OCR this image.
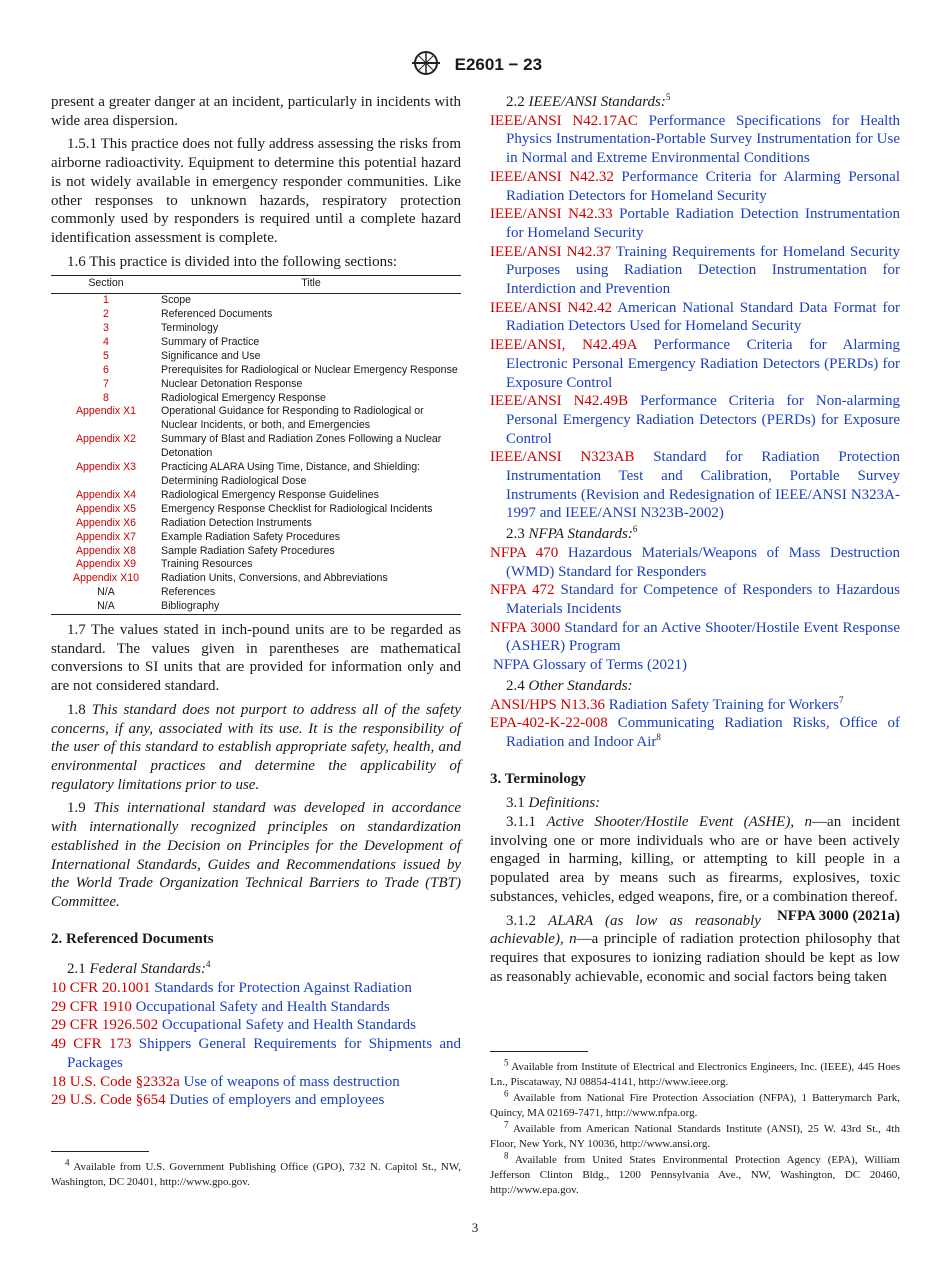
E2601 − 23

present a greater danger at an incident, particularly in incidents with wide area dispersion.

1.5.1 This practice does not fully address assessing the risks from airborne radioactivity. Equipment to determine this potential hazard is not widely available in emergency responder communities. Like other responses to unknown hazards, respiratory protection commonly used by responders is required until a complete hazard identification assessment is complete.

1.6 This practice is divided into the following sections:

Section	Title
1	Scope
2	Referenced Documents
3	Terminology
4	Summary of Practice
5	Significance and Use
6	Prerequisites for Radiological or Nuclear Emergency Response
7	Nuclear Detonation Response
8	Radiological Emergency Response
Appendix X1	Operational Guidance for Responding to Radiological or Nuclear Incidents, or both, and Emergencies
Appendix X2	Summary of Blast and Radiation Zones Following a Nuclear Detonation
Appendix X3	Practicing ALARA Using Time, Distance, and Shielding: Determining Radiological Dose
Appendix X4	Radiological Emergency Response Guidelines
Appendix X5	Emergency Response Checklist for Radiological Incidents
Appendix X6	Radiation Detection Instruments
Appendix X7	Example Radiation Safety Procedures
Appendix X8	Sample Radiation Safety Procedures
Appendix X9	Training Resources
Appendix X10	Radiation Units, Conversions, and Abbreviations
N/A	References
N/A	Bibliography

1.7 The values stated in inch-pound units are to be regarded as standard. The values given in parentheses are mathematical conversions to SI units that are provided for information only and are not considered standard.

1.8 This standard does not purport to address all of the safety concerns, if any, associated with its use. It is the responsibility of the user of this standard to establish appropriate safety, health, and environmental practices and determine the applicability of regulatory limitations prior to use.

1.9 This international standard was developed in accordance with internationally recognized principles on standardization established in the Decision on Principles for the Development of International Standards, Guides and Recommendations issued by the World Trade Organization Technical Barriers to Trade (TBT) Committee.

2. Referenced Documents

2.1 Federal Standards:$^4$

10 CFR 20.1001 Standards for Protection Against Radiation

29 CFR 1910 Occupational Safety and Health Standards

29 CFR 1926.502 Occupational Safety and Health Standards

49 CFR 173 Shippers General Requirements for Shipments and Packages

18 U.S. Code §2332a Use of weapons of mass destruction

29 U.S. Code §654 Duties of employers and employees

$^4$ Available from U.S. Government Publishing Office (GPO), 732 N. Capitol St., NW, Washington, DC 20401, http://www.gpo.gov.

2.2 IEEE/ANSI Standards:$^5$

IEEE/ANSI N42.17AC Performance Specifications for Health Physics Instrumentation-Portable Survey Instrumentation for Use in Normal and Extreme Environmental Conditions

IEEE/ANSI N42.32 Performance Criteria for Alarming Personal Radiation Detectors for Homeland Security

IEEE/ANSI N42.33 Portable Radiation Detection Instrumentation for Homeland Security

IEEE/ANSI N42.37 Training Requirements for Homeland Security Purposes using Radiation Detection Instrumentation for Interdiction and Prevention

IEEE/ANSI N42.42 American National Standard Data Format for Radiation Detectors Used for Homeland Security

IEEE/ANSI, N42.49A Performance Criteria for Alarming Electronic Personal Emergency Radiation Detectors (PERDs) for Exposure Control

IEEE/ANSI N42.49B Performance Criteria for Non-alarming Personal Emergency Radiation Detectors (PERDs) for Exposure Control

IEEE/ANSI N323AB Standard for Radiation Protection Instrumentation Test and Calibration, Portable Survey Instruments (Revision and Redesignation of IEEE/ANSI N323A-1997 and IEEE/ANSI N323B-2002)

2.3 NFPA Standards:$^6$

NFPA 470 Hazardous Materials/Weapons of Mass Destruction (WMD) Standard for Responders

NFPA 472 Standard for Competence of Responders to Hazardous Materials Incidents

NFPA 3000 Standard for an Active Shooter/Hostile Event Response (ASHER) Program

NFPA Glossary of Terms (2021)

2.4 Other Standards:

ANSI/HPS N13.36 Radiation Safety Training for Workers$^7$

EPA-402-K-22-008 Communicating Radiation Risks, Office of Radiation and Indoor Air$^8$

3. Terminology

3.1 Definitions:

3.1.1 Active Shooter/Hostile Event (ASHE), n—an incident involving one or more individuals who are or have been actively engaged in harming, killing, or attempting to kill people in a populated area by means such as firearms, explosives, toxic substances, vehicles, edged weapons, fire, or a combination thereof.
NFPA 3000 (2021a)

3.1.2 ALARA (as low as reasonably achievable), n—a principle of radiation protection philosophy that requires that exposures to ionizing radiation should be kept as low as reasonably achievable, economic and social factors being taken

$^5$ Available from Institute of Electrical and Electronics Engineers, Inc. (IEEE), 445 Hoes Ln., Piscataway, NJ 08854-4141, http://www.ieee.org.

$^6$ Available from National Fire Protection Association (NFPA), 1 Batterymarch Park, Quincy, MA 02169-7471, http://www.nfpa.org.

$^7$ Available from American National Standards Institute (ANSI), 25 W. 43rd St., 4th Floor, New York, NY 10036, http://www.ansi.org.

$^8$ Available from United States Environmental Protection Agency (EPA), William Jefferson Clinton Bldg., 1200 Pennsylvania Ave., NW, Washington, DC 20460, http://www.epa.gov.

3
